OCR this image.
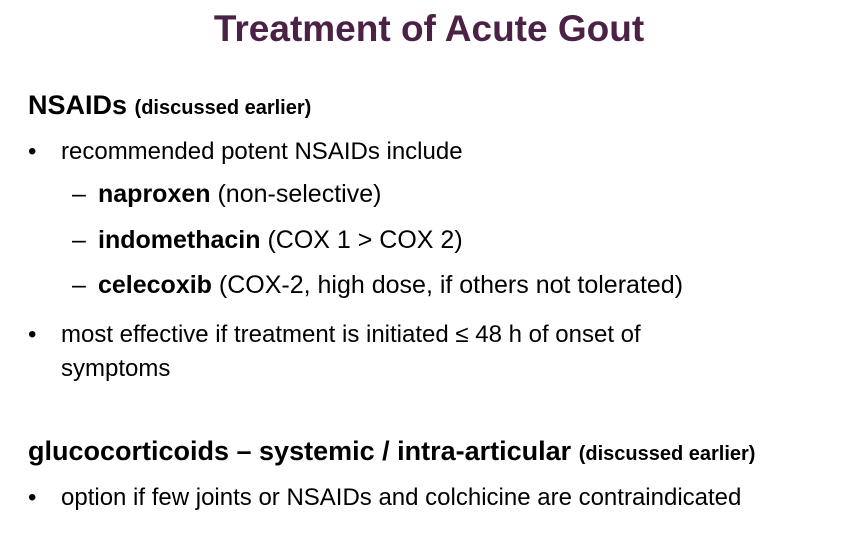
Treatment of Acute Gout
NSAIDs (discussed earlier)
•	recommended potent NSAIDs include
– naproxen (non-selective)
– indomethacin (COX 1 > COX 2)
– celecoxib (COX-2, high dose, if others not tolerated)
•	most effective if treatment is initiated ≤ 48 h of onset of
symptoms
glucocorticoids – systemic / intra-articular (discussed earlier)
•	option if few joints or NSAIDs and colchicine are contraindicated
